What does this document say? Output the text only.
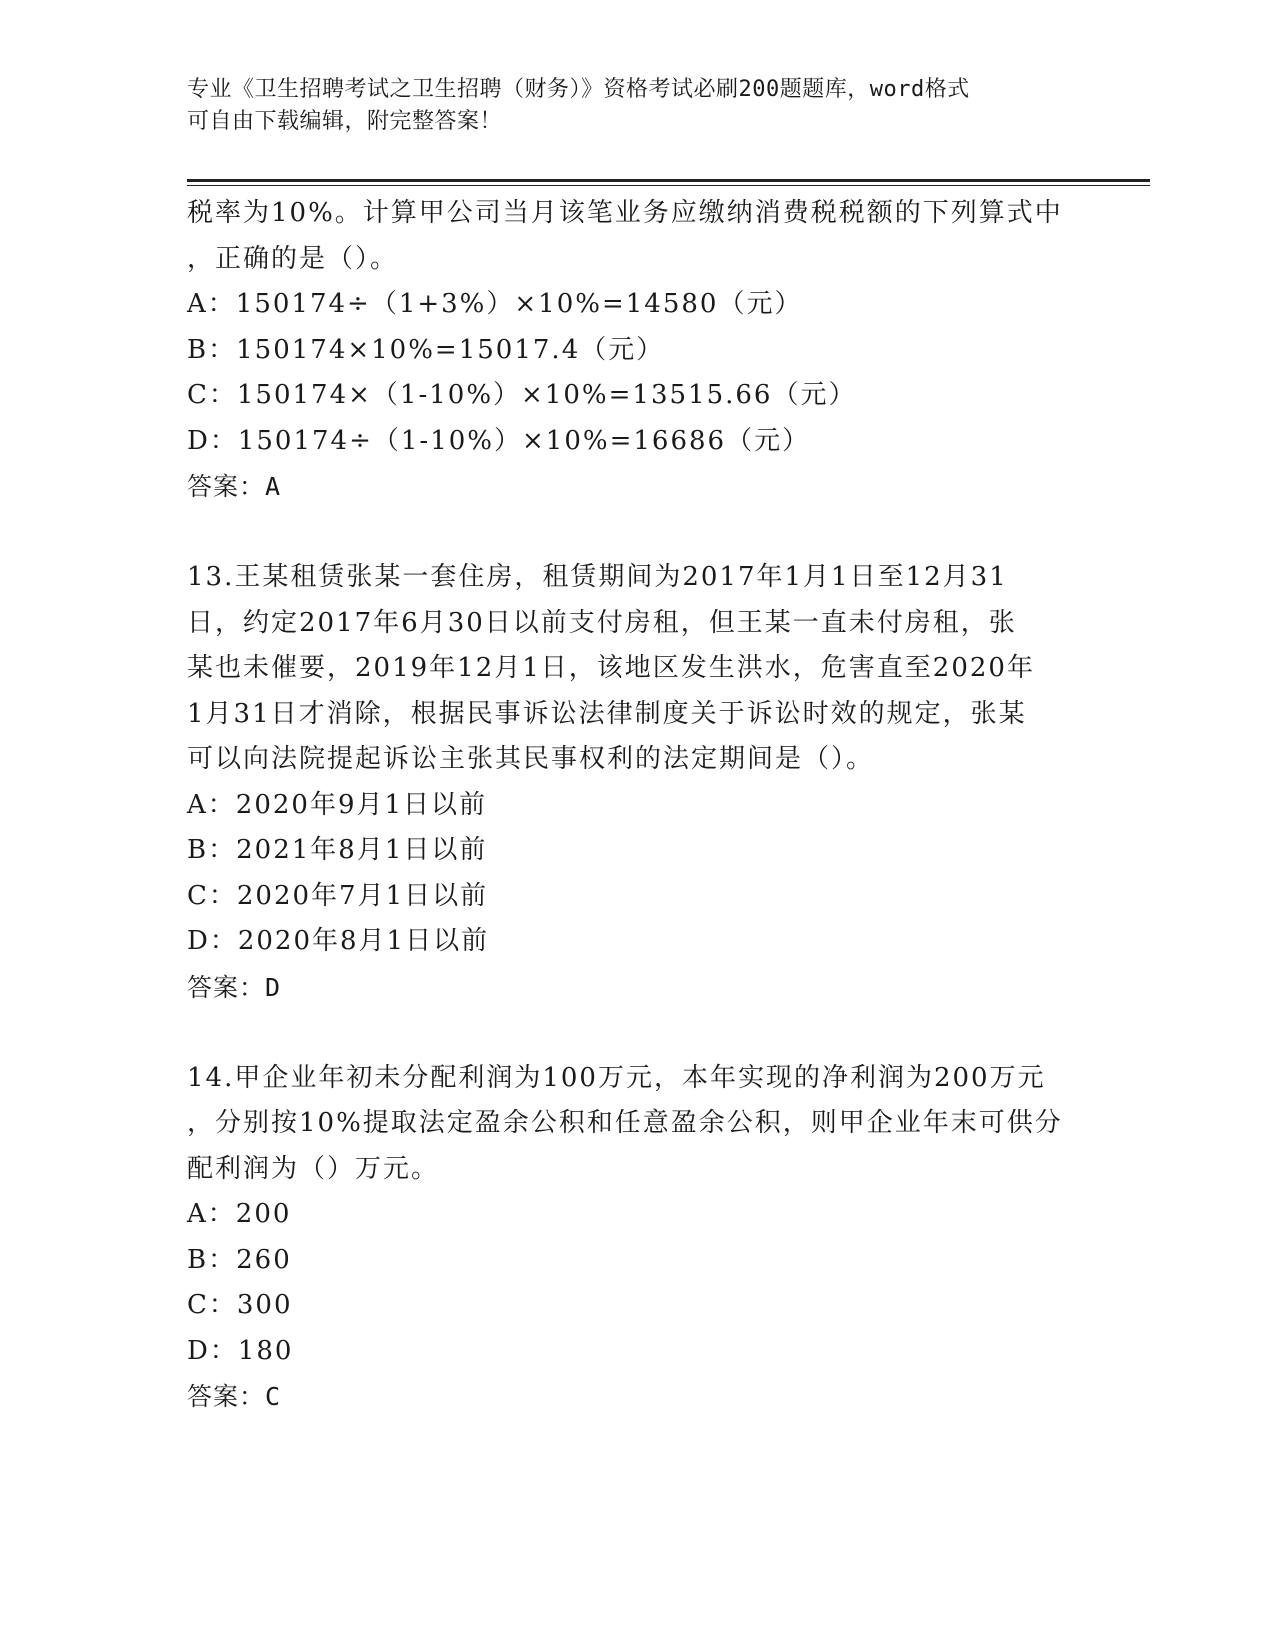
专业《卫生招聘考试之卫生招聘（财务）》资格考试必刷200题题库，word格式
可自由下载编辑，附完整答案！
税率为10%。计算甲公司当月该笔业务应缴纳消费税税额的下列算式中
，正确的是（）。
A：150174÷（1+3%）×10%=14580（元）
B：150174×10%=15017.4（元）
C：150174×（1-10%）×10%=13515.66（元）
D：150174÷（1-10%）×10%=16686（元）
答案：A
13.王某租赁张某一套住房，租赁期间为2017年1月1日至12月31
日，约定2017年6月30日以前支付房租，但王某一直未付房租，张
某也未催要，2019年12月1日，该地区发生洪水，危害直至2020年
1月31日才消除，根据民事诉讼法律制度关于诉讼时效的规定，张某
可以向法院提起诉讼主张其民事权利的法定期间是（）。
A：2020年9月1日以前
B：2021年8月1日以前
C：2020年7月1日以前
D：2020年8月1日以前
答案：D
14.甲企业年初未分配利润为100万元，本年实现的净利润为200万元
，分别按10%提取法定盈余公积和任意盈余公积，则甲企业年末可供分
配利润为（）万元。
A：200
B：260
C：300
D：180
答案：C
